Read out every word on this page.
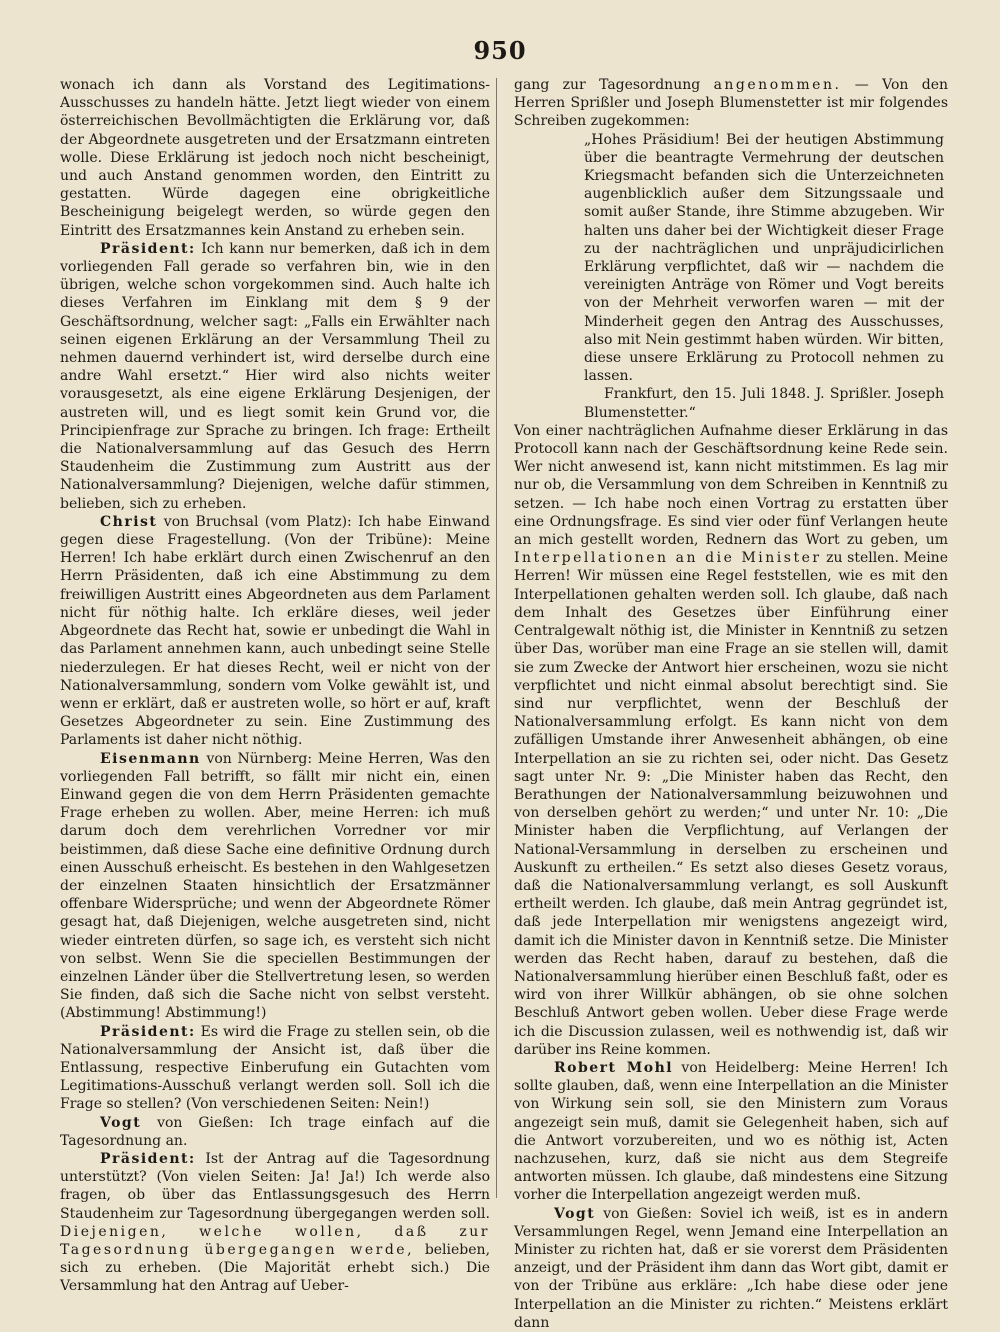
950

wonach ich dann als Vorstand des Legitimations-Ausschusses zu handeln hätte. Jetzt liegt wieder von einem österreichischen Bevollmächtigten die Erklärung vor, daß der Abgeordnete ausgetreten und der Ersatzmann eintreten wolle. Diese Erklärung ist jedoch noch nicht bescheinigt, und auch Anstand genommen worden, den Eintritt zu gestatten. Würde dagegen eine obrigkeitliche Bescheinigung beigelegt werden, so würde gegen den Eintritt des Ersatzmannes kein Anstand zu erheben sein.

Präsident: Ich kann nur bemerken, daß ich in dem vorliegenden Fall gerade so verfahren bin, wie in den übrigen, welche schon vorgekommen sind. Auch halte ich dieses Verfahren im Einklang mit dem § 9 der Geschäftsordnung, welcher sagt: „Falls ein Erwählter nach seinen eigenen Erklärung an der Versammlung Theil zu nehmen dauernd verhindert ist, wird derselbe durch eine andre Wahl ersetzt.“ Hier wird also nichts weiter vorausgesetzt, als eine eigene Erklärung Desjenigen, der austreten will, und es liegt somit kein Grund vor, die Principienfrage zur Sprache zu bringen. Ich frage: Ertheilt die Nationalversammlung auf das Gesuch des Herrn Staudenheim die Zustimmung zum Austritt aus der Nationalversammlung? Diejenigen, welche dafür stimmen, belieben, sich zu erheben.

Christ von Bruchsal (vom Platz): Ich habe Einwand gegen diese Fragestellung. (Von der Tribüne): Meine Herren! Ich habe erklärt durch einen Zwischenruf an den Herrn Präsidenten, daß ich eine Abstimmung zu dem freiwilligen Austritt eines Abgeordneten aus dem Parlament nicht für nöthig halte. Ich erkläre dieses, weil jeder Abgeordnete das Recht hat, sowie er unbedingt die Wahl in das Parlament annehmen kann, auch unbedingt seine Stelle niederzulegen. Er hat dieses Recht, weil er nicht von der Nationalversammlung, sondern vom Volke gewählt ist, und wenn er erklärt, daß er austreten wolle, so hört er auf, kraft Gesetzes Abgeordneter zu sein. Eine Zustimmung des Parlaments ist daher nicht nöthig.

Eisenmann von Nürnberg: Meine Herren, Was den vorliegenden Fall betrifft, so fällt mir nicht ein, einen Einwand gegen die von dem Herrn Präsidenten gemachte Frage erheben zu wollen. Aber, meine Herren: ich muß darum doch dem verehrlichen Vorredner vor mir beistimmen, daß diese Sache eine definitive Ordnung durch einen Ausschuß erheischt. Es bestehen in den Wahlgesetzen der einzelnen Staaten hinsichtlich der Ersatzmänner offenbare Widersprüche; und wenn der Abgeordnete Römer gesagt hat, daß Diejenigen, welche ausgetreten sind, nicht wieder eintreten dürfen, so sage ich, es versteht sich nicht von selbst. Wenn Sie die speciellen Bestimmungen der einzelnen Länder über die Stellvertretung lesen, so werden Sie finden, daß sich die Sache nicht von selbst versteht. (Abstimmung! Abstimmung!)

Präsident: Es wird die Frage zu stellen sein, ob die Nationalversammlung der Ansicht ist, daß über die Entlassung, respective Einberufung ein Gutachten vom Legitimations-Ausschuß verlangt werden soll. Soll ich die Frage so stellen? (Von verschiedenen Seiten: Nein!)

Vogt von Gießen: Ich trage einfach auf die Tagesordnung an.

Präsident: Ist der Antrag auf die Tagesordnung unterstützt? (Von vielen Seiten: Ja! Ja!) Ich werde also fragen, ob über das Entlassungsgesuch des Herrn Staudenheim zur Tagesordnung übergegangen werden soll. Diejenigen, welche wollen, daß zur Tagesordnung übergegangen werde, belieben, sich zu erheben. (Die Majorität erhebt sich.) Die Versammlung hat den Antrag auf Ueber-

gang zur Tagesordnung angenommen. — Von den Herren Sprißler und Joseph Blumenstetter ist mir folgendes Schreiben zugekommen:

„Hohes Präsidium! Bei der heutigen Abstimmung über die beantragte Vermehrung der deutschen Kriegsmacht befanden sich die Unterzeichneten augenblicklich außer dem Sitzungssaale und somit außer Stande, ihre Stimme abzugeben. Wir halten uns daher bei der Wichtigkeit dieser Frage zu der nachträglichen und unpräjudicirlichen Erklärung verpflichtet, daß wir — nachdem die vereinigten Anträge von Römer und Vogt bereits von der Mehrheit verworfen waren — mit der Minderheit gegen den Antrag des Ausschusses, also mit Nein gestimmt haben würden. Wir bitten, diese unsere Erklärung zu Protocoll nehmen zu lassen.

Frankfurt, den 15. Juli 1848. J. Sprißler. Joseph Blumenstetter.“

Von einer nachträglichen Aufnahme dieser Erklärung in das Protocoll kann nach der Geschäftsordnung keine Rede sein. Wer nicht anwesend ist, kann nicht mitstimmen. Es lag mir nur ob, die Versammlung von dem Schreiben in Kenntniß zu setzen. — Ich habe noch einen Vortrag zu erstatten über eine Ordnungsfrage. Es sind vier oder fünf Verlangen heute an mich gestellt worden, Rednern das Wort zu geben, um Interpellationen an die Minister zu stellen. Meine Herren! Wir müssen eine Regel feststellen, wie es mit den Interpellationen gehalten werden soll. Ich glaube, daß nach dem Inhalt des Gesetzes über Einführung einer Centralgewalt nöthig ist, die Minister in Kenntniß zu setzen über Das, worüber man eine Frage an sie stellen will, damit sie zum Zwecke der Antwort hier erscheinen, wozu sie nicht verpflichtet und nicht einmal absolut berechtigt sind. Sie sind nur verpflichtet, wenn der Beschluß der Nationalversammlung erfolgt. Es kann nicht von dem zufälligen Umstande ihrer Anwesenheit abhängen, ob eine Interpellation an sie zu richten sei, oder nicht. Das Gesetz sagt unter Nr. 9: „Die Minister haben das Recht, den Berathungen der Nationalversammlung beizuwohnen und von derselben gehört zu werden;“ und unter Nr. 10: „Die Minister haben die Verpflichtung, auf Verlangen der National-Versammlung in derselben zu erscheinen und Auskunft zu ertheilen.“ Es setzt also dieses Gesetz voraus, daß die Nationalversammlung verlangt, es soll Auskunft ertheilt werden. Ich glaube, daß mein Antrag gegründet ist, daß jede Interpellation mir wenigstens angezeigt wird, damit ich die Minister davon in Kenntniß setze. Die Minister werden das Recht haben, darauf zu bestehen, daß die Nationalversammlung hierüber einen Beschluß faßt, oder es wird von ihrer Willkür abhängen, ob sie ohne solchen Beschluß Antwort geben wollen. Ueber diese Frage werde ich die Discussion zulassen, weil es nothwendig ist, daß wir darüber ins Reine kommen.

Robert Mohl von Heidelberg: Meine Herren! Ich sollte glauben, daß, wenn eine Interpellation an die Minister von Wirkung sein soll, sie den Ministern zum Voraus angezeigt sein muß, damit sie Gelegenheit haben, sich auf die Antwort vorzubereiten, und wo es nöthig ist, Acten nachzusehen, kurz, daß sie nicht aus dem Stegreife antworten müssen. Ich glaube, daß mindestens eine Sitzung vorher die Interpellation angezeigt werden muß.

Vogt von Gießen: Soviel ich weiß, ist es in andern Versammlungen Regel, wenn Jemand eine Interpellation an Minister zu richten hat, daß er sie vorerst dem Präsidenten anzeigt, und der Präsident ihm dann das Wort gibt, damit er von der Tribüne aus erkläre: „Ich habe diese oder jene Interpellation an die Minister zu richten.“ Meistens erklärt dann
